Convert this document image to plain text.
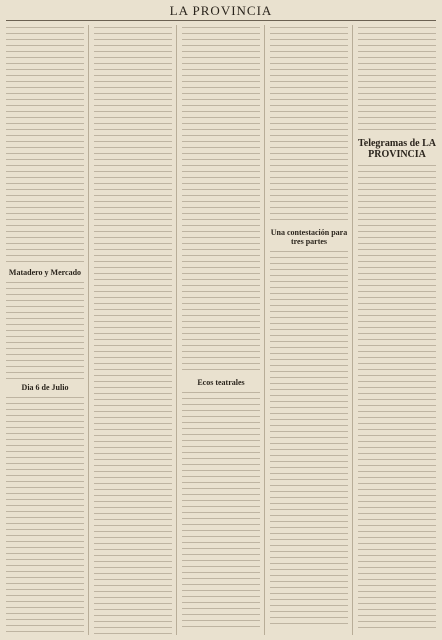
LA PROVINCIA
Matadero y Mercado
Dia 6 de Julio
Ecos teatrales
Una contestación para tres partes
Telegramas de LA PROVINCIA
